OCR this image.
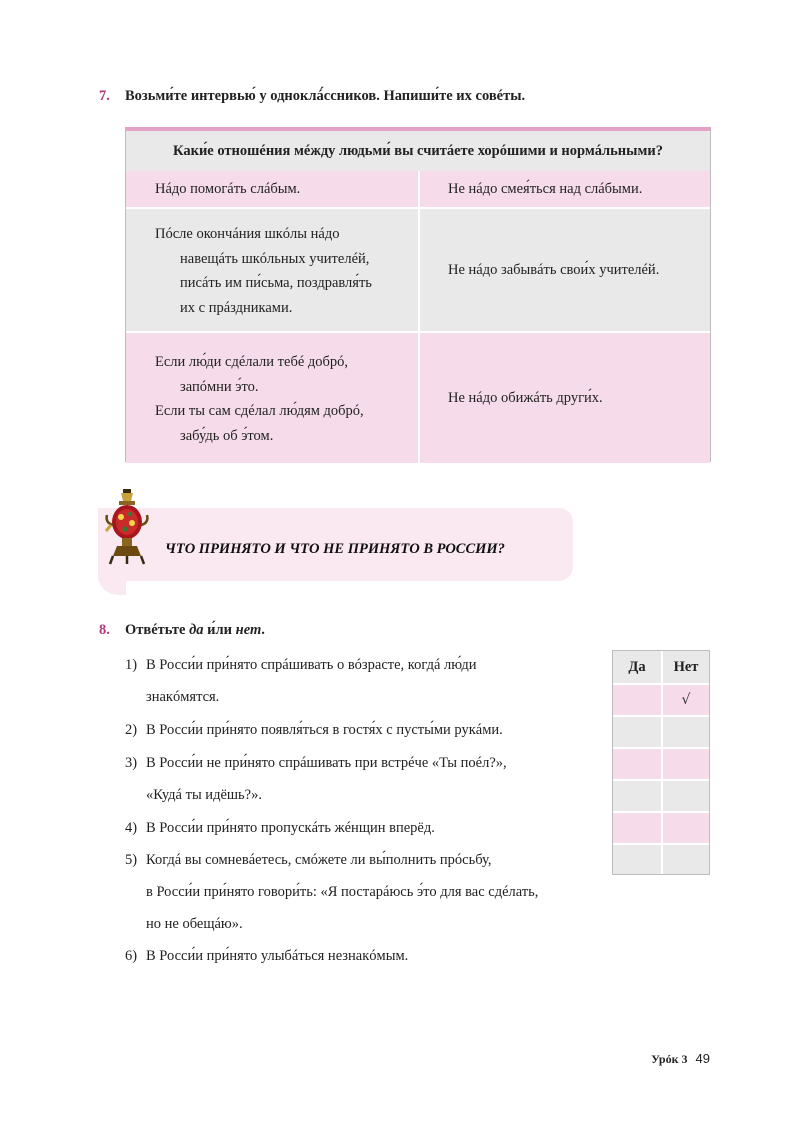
7. Возьми́те интервью́ у одноклá́ссников. Напиши́те их совéты.
Каки́е отношéния мéжду людьми́ вы считáете хорóшими и нормáльными?
Нáдо помогáть слáбым.	Не нáдо смея́ться над слáбыми.
Пóсле окончáния шкóлы нáдо
навещáть шкóльных учителéй,
писáть им пи́сьма, поздравля́ть
их с прáздниками.
Не нáдо забывáть свои́х учителéй.
Если лю́ди сдéлали тебé добрó,
запóмни э́то.
Если ты сам сдéлал лю́дям добрó,
забу́дь об э́том.
Не нáдо обижáть други́х.
ЧТО ПРИНЯТО И ЧТО НЕ ПРИНЯТО В РОССИИ?
8. Отвéтьте да и́ли нет.
1) В Росси́и при́нято спрáшивать о вóзрасте, когдá лю́ди
знакóмятся.
2) В Росси́и при́нято появля́ться в гостя́х с пусты́ми рукáми.
3) В Росси́и не при́нято спрáшивать при встрéче «Ты поéл?»,
«Кудá ты идёшь?».
4) В Росси́и при́нято пропускáть жéнщин вперёд.
5) Когдá вы сомневáетесь, смóжете ли вы́полнить прóсьбу,
в Росси́и при́нято говори́ть: «Я постарáюсь э́то для вас сдéлать,
но не обещáю».
6) В Росси́и при́нято улыбáться незнакóмым.
Да	Нет
√
Урóк 3 49
